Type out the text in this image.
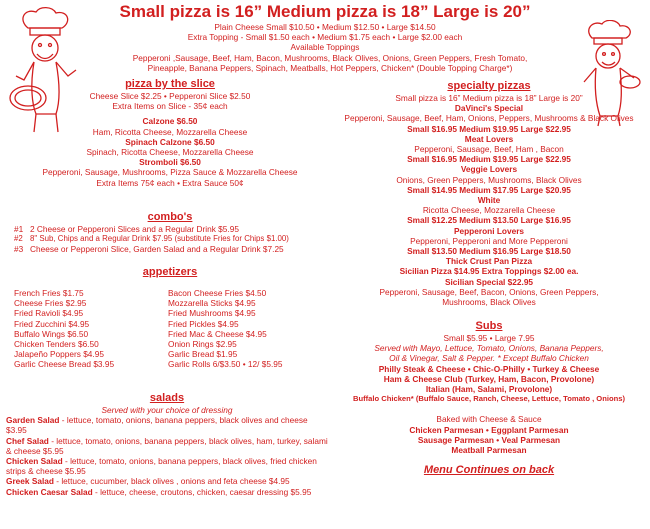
Small pizza is 16” Medium pizza is 18” Large is 20”
Plain Cheese Small $10.50 • Medium $12.50 • Large $14.50
Extra Topping - Small $1.50 each • Medium $1.75 each • Large $2.00 each
Available Toppings
Pepperoni ,Sausage, Beef, Ham, Bacon, Mushrooms, Black Olives, Onions, Green Peppers, Fresh Tomato,
Pineapple, Banana Peppers, Spinach, Meatballs, Hot Peppers, Chicken* (Double Topping Charge*)
pizza by the slice
Cheese Slice $2.25 • Pepperoni Slice $2.50
Extra Items on Slice - 35¢ each
Calzone $6.50
Ham, Ricotta Cheese, Mozzarella Cheese
Spinach Calzone $6.50
Spinach, Ricotta Cheese, Mozzarella Cheese
Stromboli $6.50
Pepperoni, Sausage, Mushrooms, Pizza Sauce & Mozzarella Cheese
Extra Items 75¢ each • Extra Sauce 50¢
combo's
#1 2 Cheese or Pepperoni Slices and a Regular Drink $5.95
#2 8" Sub, Chips and a Regular Drink $7.95 (substitute Fries for Chips $1.00)
#3 Cheese or Pepperoni Slice, Garden Salad and a Regular Drink $7.25
appetizers
French Fries $1.75
Cheese Fries $2.95
Fried Ravioli $4.95
Fried Zucchini $4.95
Buffalo Wings $6.50
Chicken Tenders $6.50
Jalapeño Poppers $4.95
Garlic Cheese Bread $3.95
Bacon Cheese Fries $4.50
Mozzarella Sticks $4.95
Fried Mushrooms $4.95
Fried Pickles $4.95
Fried Mac & Cheese $4.95
Onion Rings $2.95
Garlic Bread $1.95
Garlic Rolls 6/$3.50 • 12/ $5.95
salads
Served with your choice of dressing
Garden Salad - lettuce, tomato, onions, banana peppers, black olives and cheese $3.95
Chef Salad - lettuce, tomato, onions, banana peppers, black olives, ham, turkey, salami & cheese $5.95
Chicken Salad - lettuce, tomato, onions, banana peppers, black olives, fried chicken strips & cheese $5.95
Greek Salad - lettuce, cucumber, black olives , onions and feta cheese $4.95
Chicken Caesar Salad - lettuce, cheese, croutons, chicken, caesar dressing $5.95
specialty pizzas
Small pizza is 16” Medium pizza is 18” Large is 20”
DaVinci's Special
Pepperoni, Sausage, Beef, Ham, Onions, Peppers, Mushrooms & Black Olives
Small $16.95 Medium $19.95 Large $22.95
Meat Lovers
Pepperoni, Sausage, Beef, Ham , Bacon
Small $16.95 Medium $19.95 Large $22.95
Veggie Lovers
Onions, Green Peppers, Mushrooms, Black Olives
Small $14.95 Medium $17.95 Large $20.95
White
Ricotta Cheese, Mozzarella Cheese
Small $12.25 Medium $13.50 Large $16.95
Pepperoni Lovers
Pepperoni, Pepperoni and More Pepperoni
Small $13.50 Medium $16.95 Large $18.50
Thick Crust Pan Pizza
Sicilian Pizza $14.95 Extra Toppings $2.00 ea.
Sicilian Special $22.95
Pepperoni, Sausage, Beef, Bacon, Onions, Green Peppers,
Mushrooms, Black Olives
Subs
Small $5.95 • Large 7.95
Served with Mayo, Lettuce, Tomato, Onions, Banana Peppers,
Oil & Vinegar, Salt & Pepper. * Except Buffalo Chicken
Philly Steak & Cheese • Chic-O-Philly • Turkey & Cheese
Ham & Cheese Club (Turkey, Ham, Bacon, Provolone)
Italian (Ham, Salami, Provolone)
Buffalo Chicken* (Buffalo Sauce, Ranch, Cheese, Lettuce, Tomato , Onions)
Baked with Cheese & Sauce
Chicken Parmesan • Eggplant Parmesan
Sausage Parmesan • Veal Parmesan
Meatball Parmesan
Menu Continues on back
